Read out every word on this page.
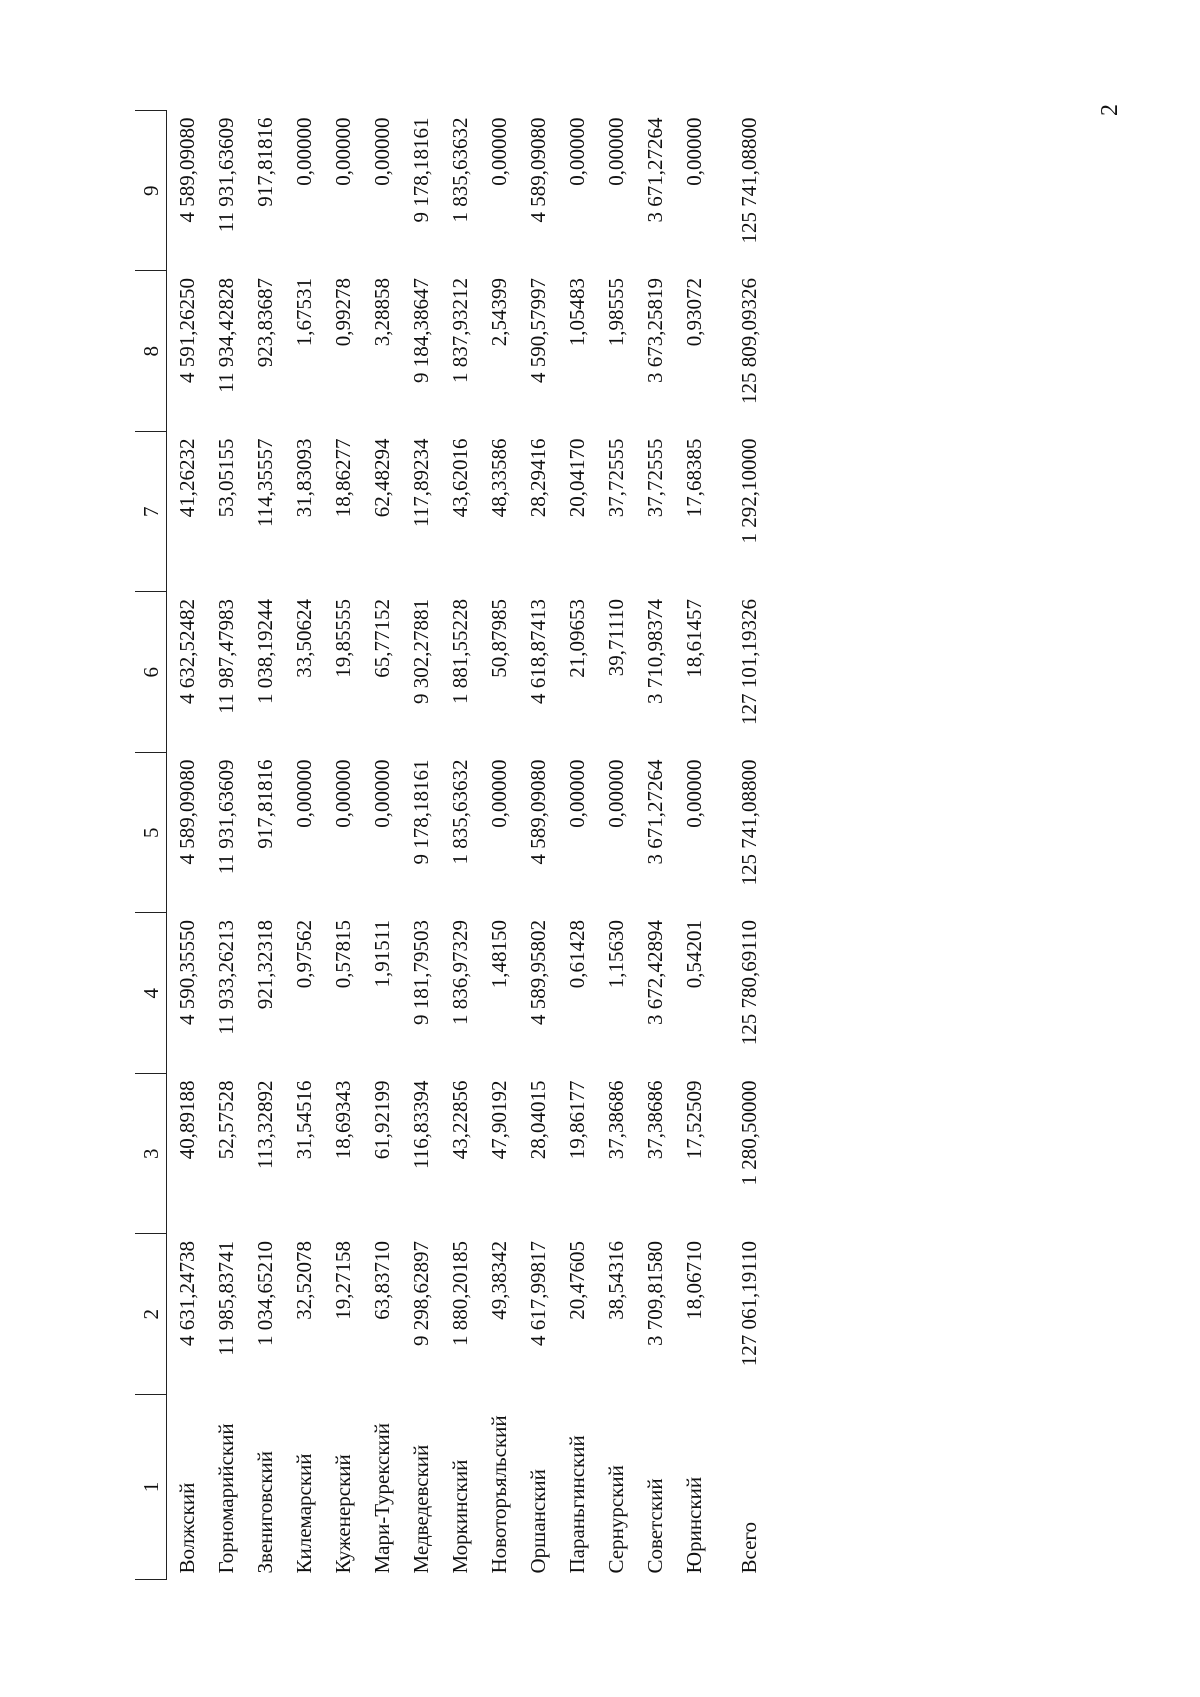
2
1	2	3	4	5	6	7	8	9
Волжский	4 631,24738	40,89188	4 590,35550	4 589,09080	4 632,52482	41,26232	4 591,26250	4 589,09080
Горномарийский	11 985,83741	52,57528	11 933,26213	11 931,63609	11 987,47983	53,05155	11 934,42828	11 931,63609
Звениговский	1 034,65210	113,32892	921,32318	917,81816	1 038,19244	114,35557	923,83687	917,81816
Килемарский	32,52078	31,54516	0,97562	0,00000	33,50624	31,83093	1,67531	0,00000
Куженерский	19,27158	18,69343	0,57815	0,00000	19,85555	18,86277	0,99278	0,00000
Мари-Турекский	63,83710	61,92199	1,91511	0,00000	65,77152	62,48294	3,28858	0,00000
Медведевский	9 298,62897	116,83394	9 181,79503	9 178,18161	9 302,27881	117,89234	9 184,38647	9 178,18161
Моркинский	1 880,20185	43,22856	1 836,97329	1 835,63632	1 881,55228	43,62016	1 837,93212	1 835,63632
Новоторъяльский	49,38342	47,90192	1,48150	0,00000	50,87985	48,33586	2,54399	0,00000
Оршанский	4 617,99817	28,04015	4 589,95802	4 589,09080	4 618,87413	28,29416	4 590,57997	4 589,09080
Параньгинский	20,47605	19,86177	0,61428	0,00000	21,09653	20,04170	1,05483	0,00000
Сернурский	38,54316	37,38686	1,15630	0,00000	39,71110	37,72555	1,98555	0,00000
Советский	3 709,81580	37,38686	3 672,42894	3 671,27264	3 710,98374	37,72555	3 673,25819	3 671,27264
Юринский	18,06710	17,52509	0,54201	0,00000	18,61457	17,68385	0,93072	0,00000
Всего	127 061,19110	1 280,50000	125 780,69110	125 741,08800	127 101,19326	1 292,10000	125 809,09326	125 741,08800
